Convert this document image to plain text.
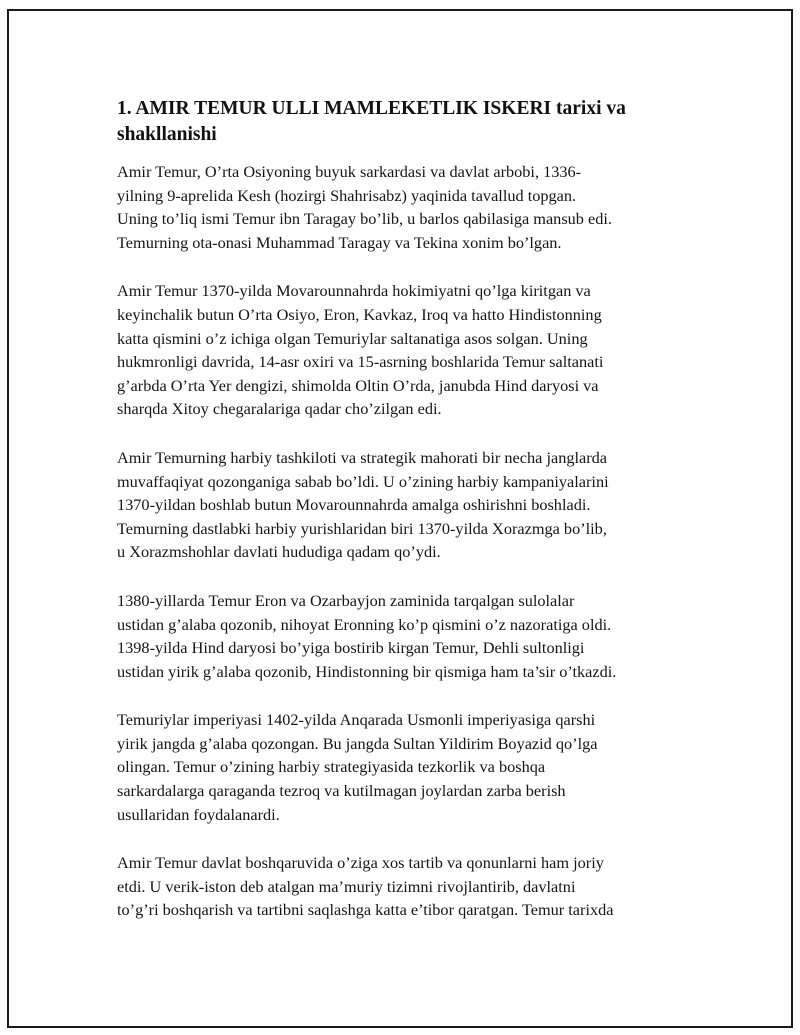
1. AMIR TEMUR ULLI MAMLEKETLIK ISKERI tarixi va
shakllanishi

Amir Temur, O’rta Osiyoning buyuk sarkardasi va davlat arbobi, 1336-
yilning 9-aprelida Kesh (hozirgi Shahrisabz) yaqinida tavallud topgan.
Uning to’liq ismi Temur ibn Taragay bo’lib, u barlos qabilasiga mansub edi.
Temurning ota-onasi Muhammad Taragay va Tekina xonim bo’lgan.

Amir Temur 1370-yilda Movarounnahrda hokimiyatni qo’lga kiritgan va
keyinchalik butun O’rta Osiyo, Eron, Kavkaz, Iroq va hatto Hindistonning
katta qismini o’z ichiga olgan Temuriylar saltanatiga asos solgan. Uning
hukmronligi davrida, 14-asr oxiri va 15-asrning boshlarida Temur saltanati
g’arbda O’rta Yer dengizi, shimolda Oltin O’rda, janubda Hind daryosi va
sharqda Xitoy chegaralariga qadar cho’zilgan edi.

Amir Temurning harbiy tashkiloti va strategik mahorati bir necha janglarda
muvaffaqiyat qozonganiga sabab bo’ldi. U o’zining harbiy kampaniyalarini
1370-yildan boshlab butun Movarounnahrda amalga oshirishni boshladi.
Temurning dastlabki harbiy yurishlaridan biri 1370-yilda Xorazmga bo’lib,
u Xorazmshohlar davlati hududiga qadam qo’ydi.

1380-yillarda Temur Eron va Ozarbayjon zaminida tarqalgan sulolalar
ustidan g’alaba qozonib, nihoyat Eronning ko’p qismini o’z nazoratiga oldi.
1398-yilda Hind daryosi bo’yiga bostirib kirgan Temur, Dehli sultonligi
ustidan yirik g’alaba qozonib, Hindistonning bir qismiga ham ta’sir o’tkazdi.

Temuriylar imperiyasi 1402-yilda Anqarada Usmonli imperiyasiga qarshi
yirik jangda g’alaba qozongan. Bu jangda Sultan Yildirim Boyazid qo’lga
olingan. Temur o’zining harbiy strategiyasida tezkorlik va boshqa
sarkardalarga qaraganda tezroq va kutilmagan joylardan zarba berish
usullaridan foydalanardi.

Amir Temur davlat boshqaruvida o’ziga xos tartib va qonunlarni ham joriy
etdi. U verik-iston deb atalgan ma’muriy tizimni rivojlantirib, davlatni
to’g’ri boshqarish va tartibni saqlashga katta e’tibor qaratgan. Temur tarixda
